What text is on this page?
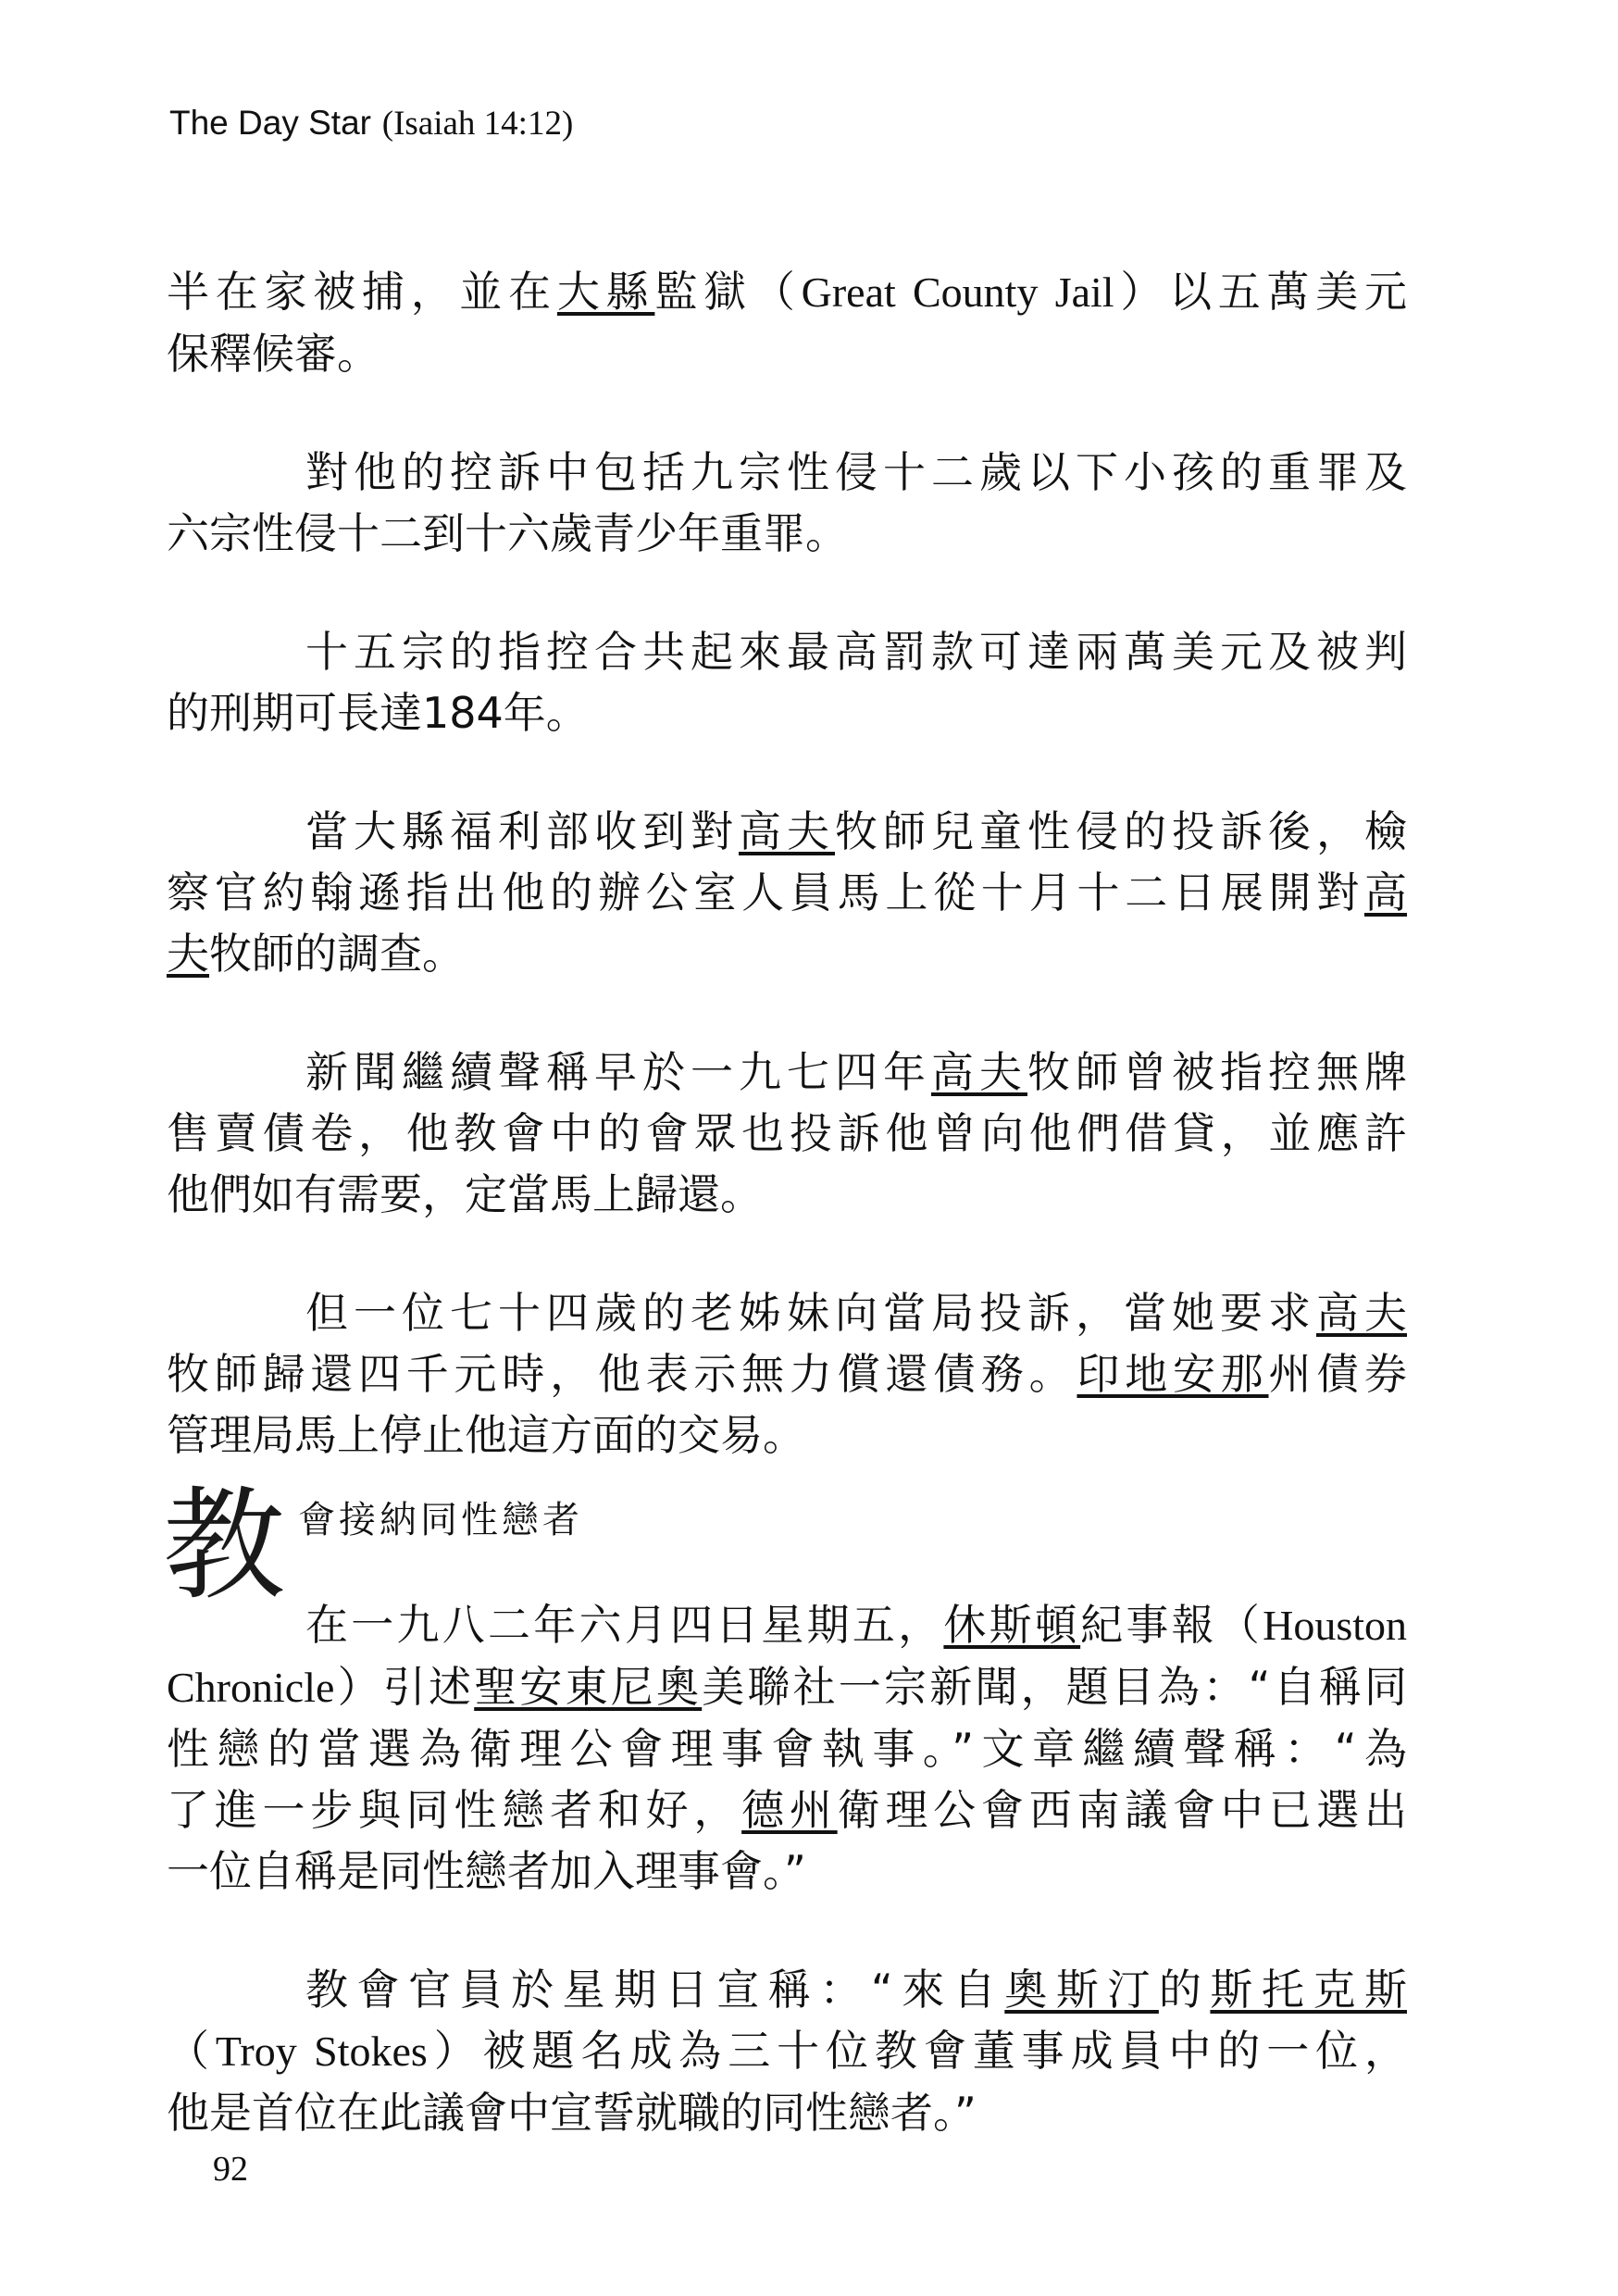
The Day Star (Isaiah 14:12)
半在家被捕，並在大縣監獄（Great County Jail）以五萬美元
保釋候審。
對他的控訴中包括九宗性侵十二歲以下小孩的重罪及
六宗性侵十二到十六歲青少年重罪。
十五宗的指控合共起來最高罰款可達兩萬美元及被判
的刑期可長達184年。
當大縣福利部收到對高夫牧師兒童性侵的投訴後，檢
察官約翰遜指出他的辦公室人員馬上從十月十二日展開對高
夫牧師的調查。
新聞繼續聲稱早於一九七四年高夫牧師曾被指控無牌
售賣債卷，他教會中的會眾也投訴他曾向他們借貸，並應許
他們如有需要，定當馬上歸還。
但一位七十四歲的老姊妹向當局投訴，當她要求高夫
牧師歸還四千元時，他表示無力償還債務。印地安那州債券
管理局馬上停止他這方面的交易。
教 會接納同性戀者
在一九八二年六月四日星期五，休斯頓紀事報（Houston
Chronicle）引述聖安東尼奧美聯社一宗新聞，題目為：“自稱同
性戀的當選為衛理公會理事會執事。”文章繼續聲稱：“為
了進一步與同性戀者和好，德州衛理公會西南議會中已選出
一位自稱是同性戀者加入理事會。”
教會官員於星期日宣稱：“來自奧斯汀的斯托克斯
（Troy Stokes）被題名成為三十位教會董事成員中的一位，
他是首位在此議會中宣誓就職的同性戀者。”
92
